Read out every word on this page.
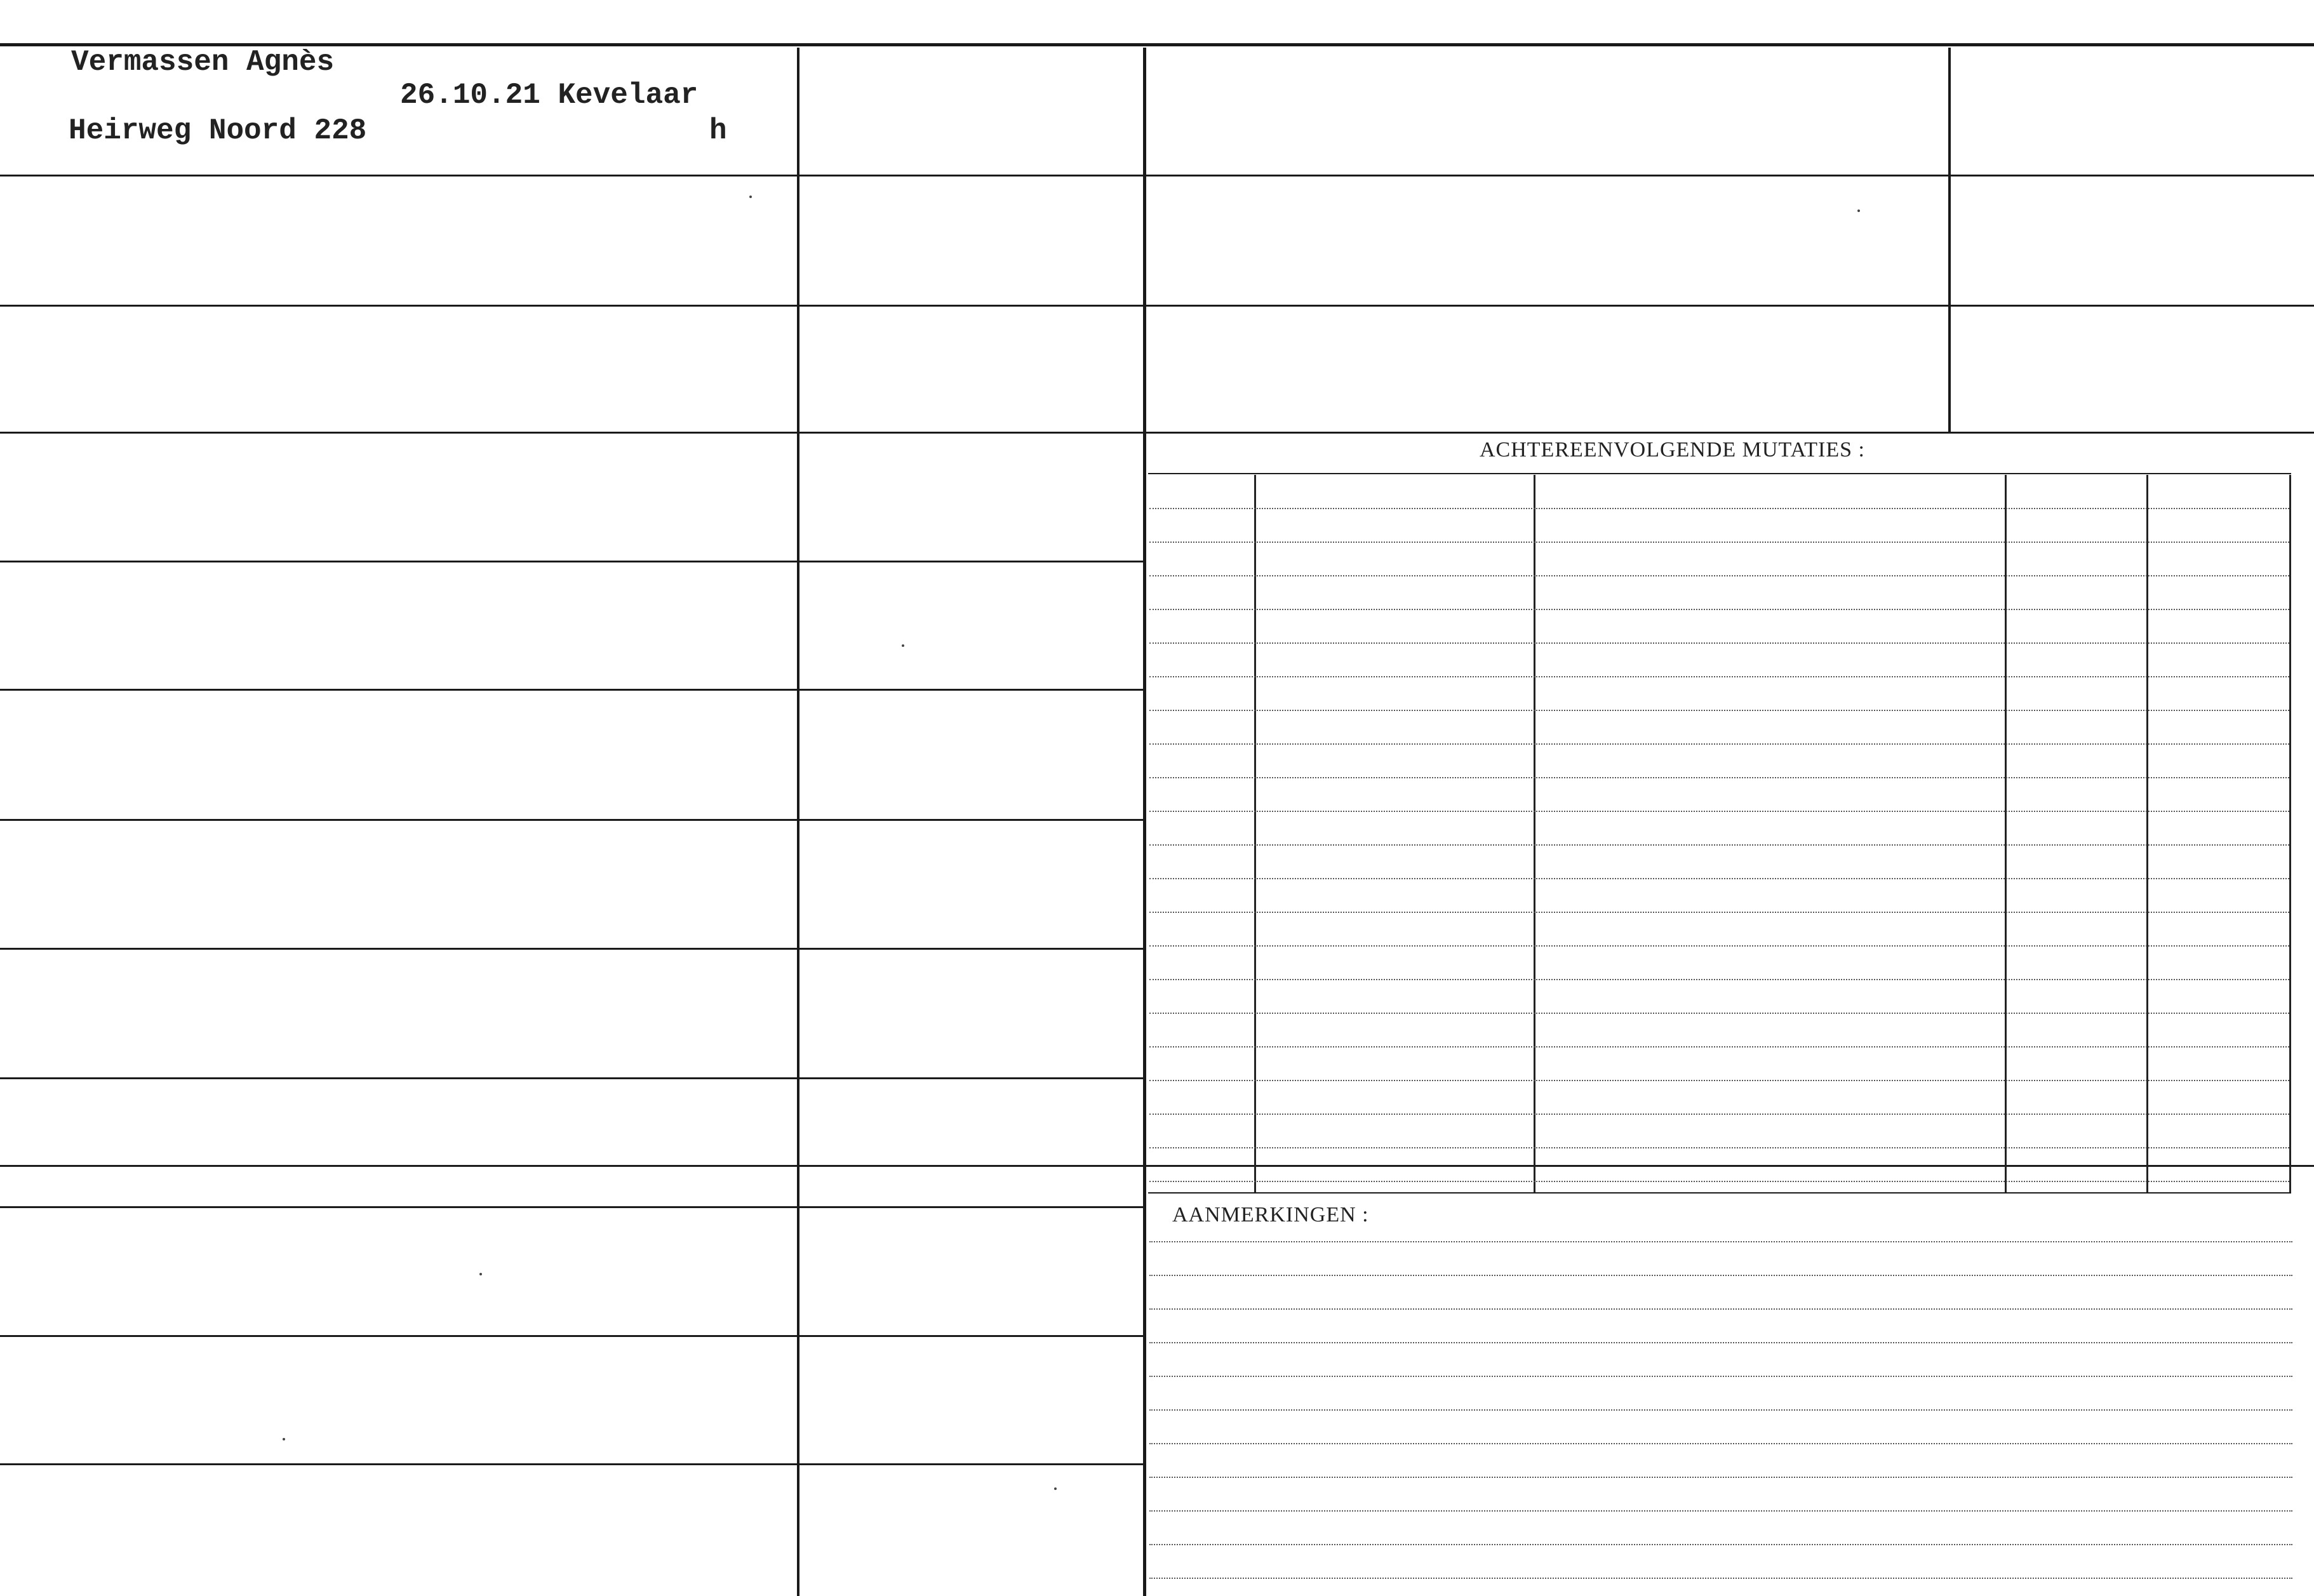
Vermassen Agnès
26.10.21 Kevelaar
Heirweg Noord 228	h
ACHTEREENVOLGENDE MUTATIES :
AANMERKINGEN :
